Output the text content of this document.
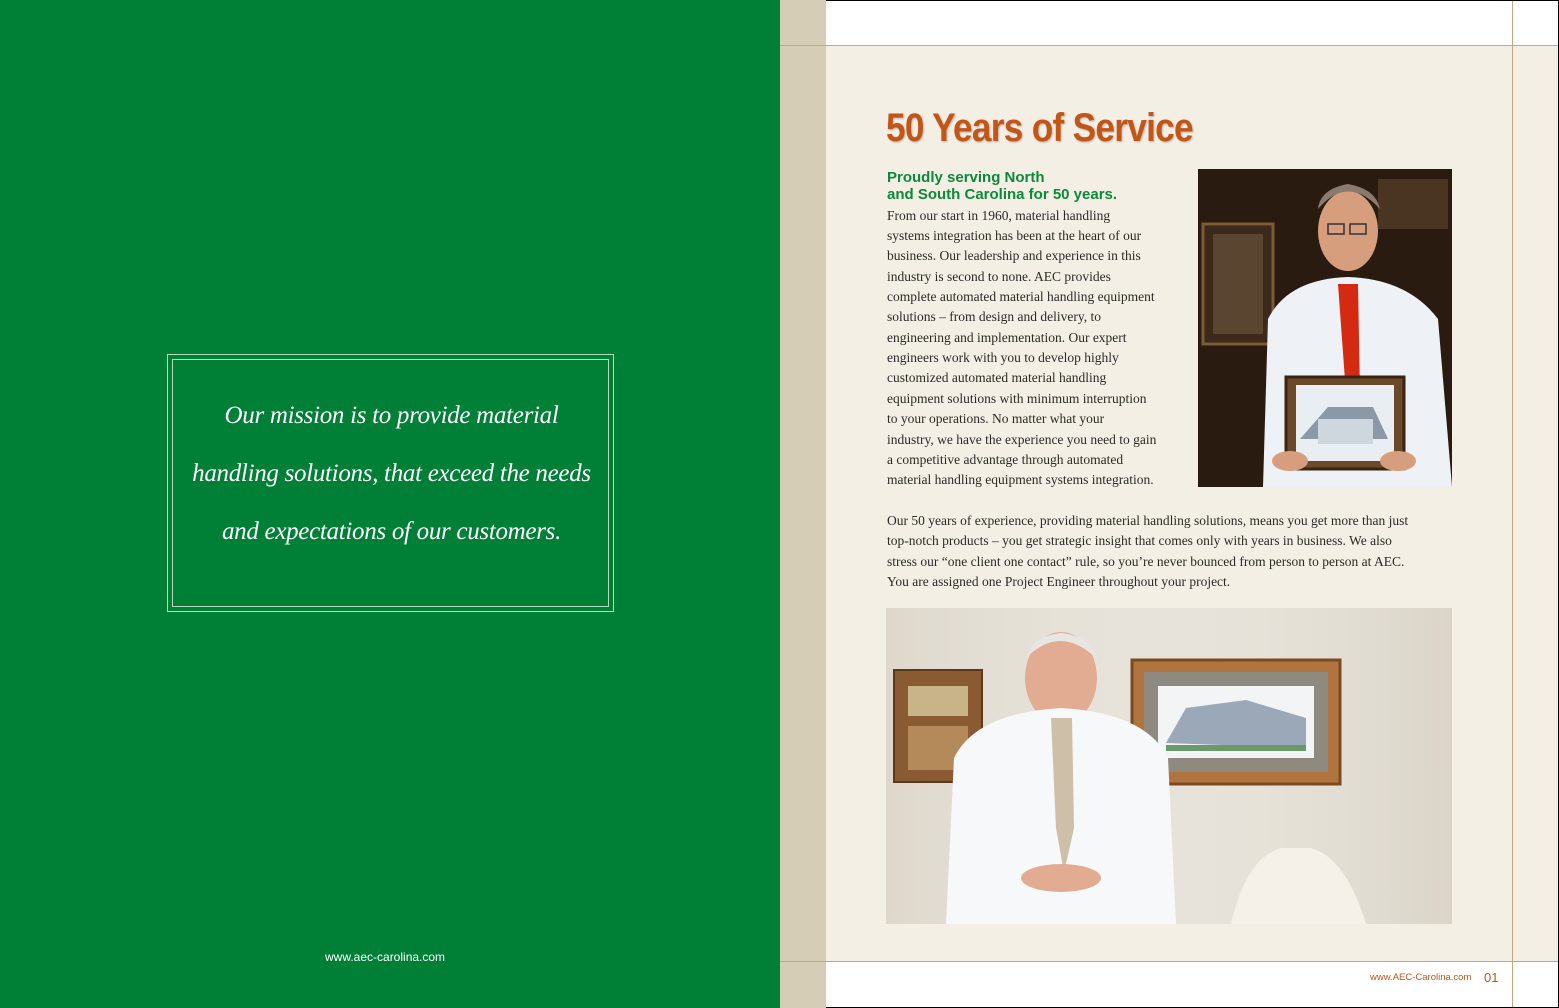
Our mission is to provide material
handling solutions, that exceed the needs
and expectations of our customers.
www.aec-carolina.com
50 Years of Service
Proudly serving North
and South Carolina for 50 years.
From our start in 1960, material handling
systems integration has been at the heart of our
business. Our leadership and experience in this
industry is second to none. AEC provides
complete automated material handling equipment
solutions – from design and delivery, to
engineering and implementation. Our expert
engineers work with you to develop highly
customized automated material handling
equipment solutions with minimum interruption
to your operations. No matter what your
industry, we have the experience you need to gain
a competitive advantage through automated
material handling equipment systems integration.
Our 50 years of experience, providing material handling solutions, means you get more than just
top-notch products – you get strategic insight that comes only with years in business. We also
stress our “one client one contact” rule, so you’re never bounced from person to person at AEC.
You are assigned one Project Engineer throughout your project.
www.AEC-Carolina.com 01
